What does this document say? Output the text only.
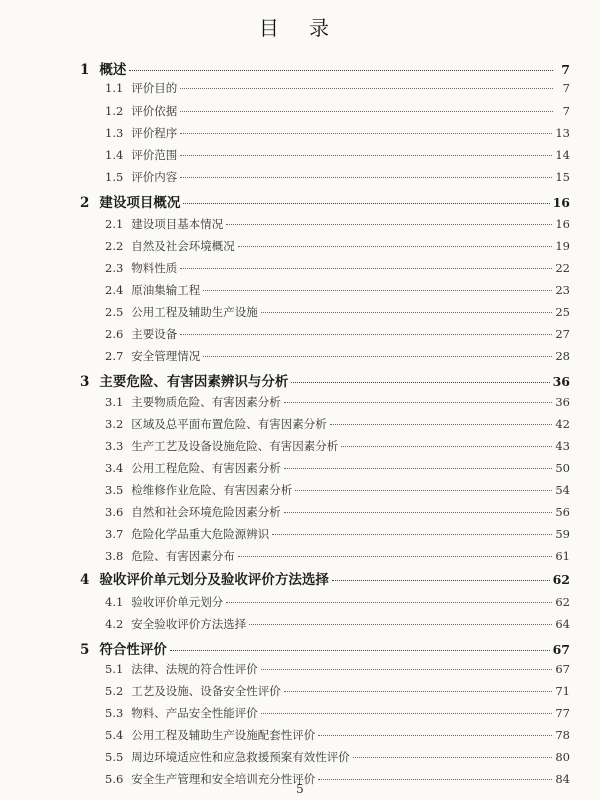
目 录
1 概述	7
1.1 评价目的	7
1.2 评价依据	7
1.3 评价程序	13
1.4 评价范围	14
1.5 评价内容	15
2 建设项目概况	16
2.1 建设项目基本情况	16
2.2 自然及社会环境概况	19
2.3 物料性质	22
2.4 原油集输工程	23
2.5 公用工程及辅助生产设施	25
2.6 主要设备	27
2.7 安全管理情况	28
3 主要危险、有害因素辨识与分析	36
3.1 主要物质危险、有害因素分析	36
3.2 区域及总平面布置危险、有害因素分析	42
3.3 生产工艺及设备设施危险、有害因素分析	43
3.4 公用工程危险、有害因素分析	50
3.5 检维修作业危险、有害因素分析	54
3.6 自然和社会环境危险因素分析	56
3.7 危险化学品重大危险源辨识	59
3.8 危险、有害因素分布	61
4 验收评价单元划分及验收评价方法选择	62
4.1 验收评价单元划分	62
4.2 安全验收评价方法选择	64
5 符合性评价	67
5.1 法律、法规的符合性评价	67
5.2 工艺及设施、设备安全性评价	71
5.3 物料、产品安全性能评价	77
5.4 公用工程及辅助生产设施配套性评价	78
5.5 周边环境适应性和应急救援预案有效性评价	80
5.6 安全生产管理和安全培训充分性评价	84
5
